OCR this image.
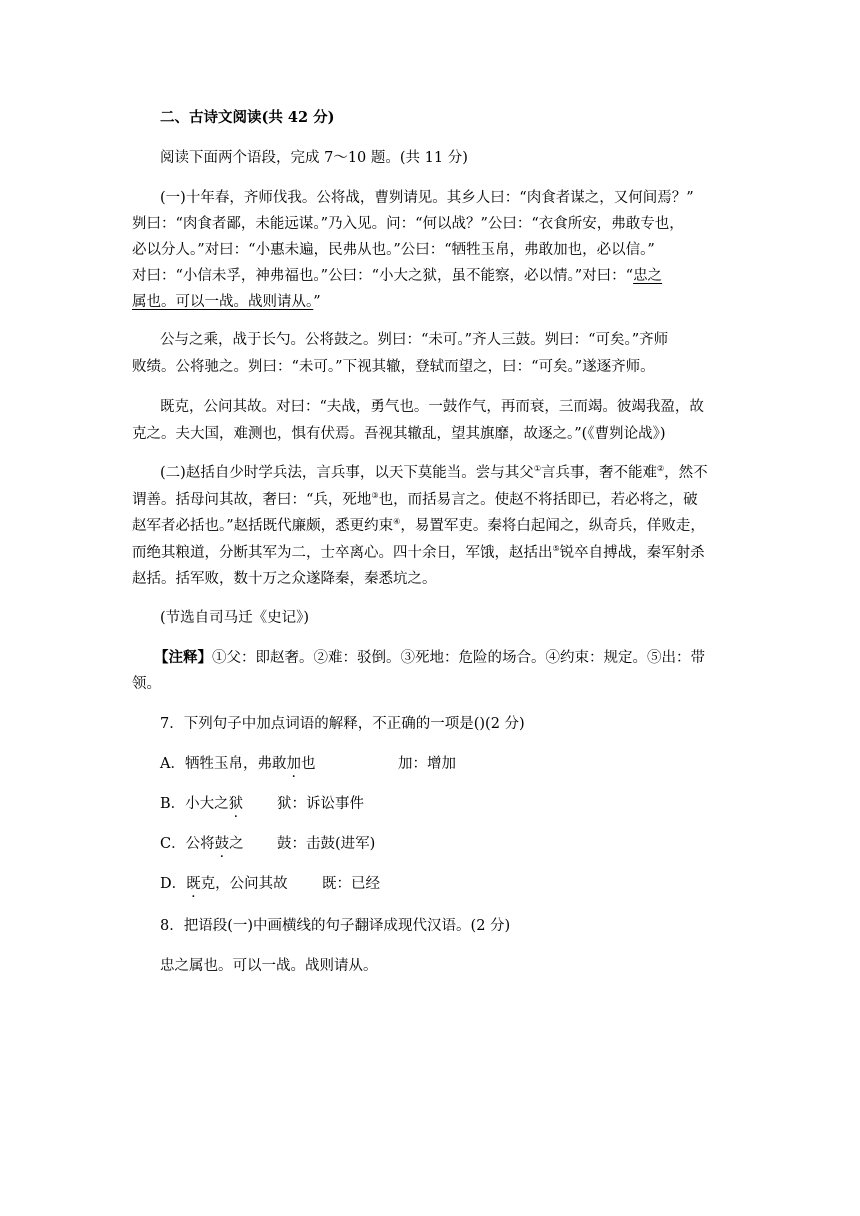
二、古诗文阅读(共 42 分)
阅读下面两个语段，完成 7～10 题。(共 11 分)
(一)十年春，齐师伐我。公将战，曹刿请见。其乡人曰：“肉食者谋之，又何间焉？”
刿曰：“肉食者鄙，未能远谋。”乃入见。问：“何以战？”公曰：“衣食所安，弗敢专也，
必以分人。”对曰：“小惠未遍，民弗从也。”公曰：“牺牲玉帛，弗敢加也，必以信。”
对曰：“小信未孚，神弗福也。”公曰：“小大之狱，虽不能察，必以情。”对曰：“忠之
属也。可以一战。战则请从。”
公与之乘，战于长勺。公将鼓之。刿曰：“未可。”齐人三鼓。刿曰：“可矣。”齐师
败绩。公将驰之。刿曰：“未可。”下视其辙，登轼而望之，曰：“可矣。”遂逐齐师。
既克，公问其故。对曰：“夫战，勇气也。一鼓作气，再而衰，三而竭。彼竭我盈，故
克之。夫大国，难测也，惧有伏焉。吾视其辙乱，望其旗靡，故逐之。”(《曹刿论战》)
(二)赵括自少时学兵法，言兵事，以天下莫能当。尝与其父①言兵事，奢不能难②，然不
谓善。括母问其故，奢曰：“兵，死地③也，而括易言之。使赵不将括即已，若必将之，破
赵军者必括也。”赵括既代廉颇，悉更约束④，易置军吏。秦将白起闻之，纵奇兵，佯败走，
而绝其粮道，分断其军为二，士卒离心。四十余日，军饿，赵括出⑤锐卒自搏战，秦军射杀
赵括。括军败，数十万之众遂降秦，秦悉坑之。
(节选自司马迁《史记》)
【注释】①父：即赵奢。②难：驳倒。③死地：危险的场合。④约束：规定。⑤出：带
领。
7．下列句子中加点词语的解释，不正确的一项是()(2 分)
A．牺牲玉帛，弗敢加也	加：增加
B．小大之狱 狱：诉讼事件
C．公将鼓之 鼓：击鼓(进军)
D．既克，公问其故 既：已经
8．把语段(一)中画横线的句子翻译成现代汉语。(2 分)
忠之属也。可以一战。战则请从。
